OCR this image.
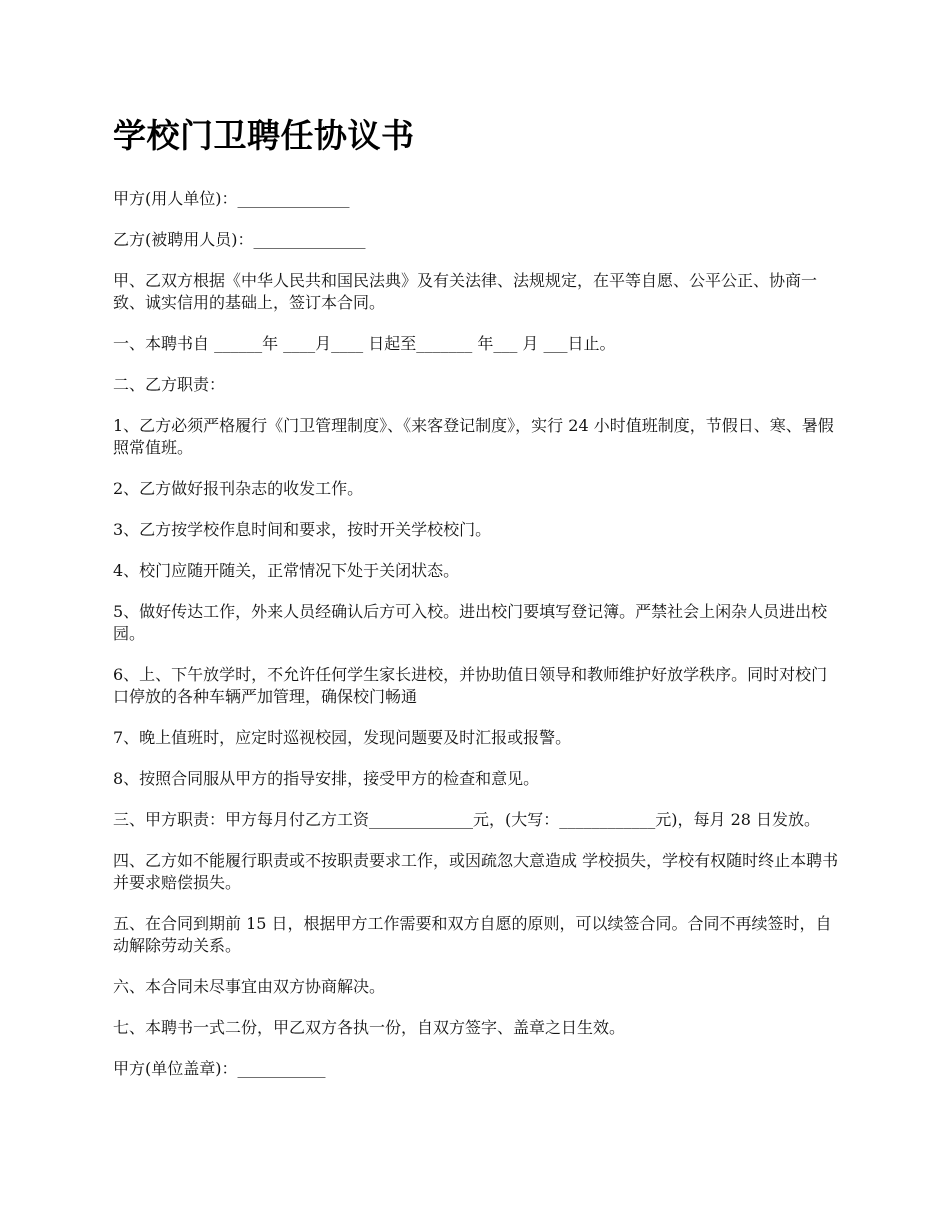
学校门卫聘任协议书

甲方(用人单位)：______________

乙方(被聘用人员)：______________

甲、乙双方根据《中华人民共和国民法典》及有关法律、法规规定，在平等自愿、公平公正、协商一致、诚实信用的基础上，签订本合同。

一、本聘书自 ______年 ____月____ 日起至_______ 年___ 月 ___日止。

二、乙方职责：

1、乙方必须严格履行《门卫管理制度》、《来客登记制度》，实行 24 小时值班制度，节假日、寒、暑假照常值班。

2、乙方做好报刊杂志的收发工作。

3、乙方按学校作息时间和要求，按时开关学校校门。

4、校门应随开随关，正常情况下处于关闭状态。

5、做好传达工作，外来人员经确认后方可入校。进出校门要填写登记簿。严禁社会上闲杂人员进出校园。

6、上、下午放学时，不允许任何学生家长进校，并协助值日领导和教师维护好放学秩序。同时对校门口停放的各种车辆严加管理，确保校门畅通

7、晚上值班时，应定时巡视校园，发现问题要及时汇报或报警。

8、按照合同服从甲方的指导安排，接受甲方的检查和意见。

三、甲方职责：甲方每月付乙方工资_____________元，(大写：____________元)，每月 28 日发放。

四、乙方如不能履行职责或不按职责要求工作，或因疏忽大意造成 学校损失，学校有权随时终止本聘书并要求赔偿损失。

五、在合同到期前 15 日，根据甲方工作需要和双方自愿的原则，可以续签合同。合同不再续签时，自动解除劳动关系。

六、本合同未尽事宜由双方协商解决。

七、本聘书一式二份，甲乙双方各执一份，自双方签字、盖章之日生效。

甲方(单位盖章)：___________
